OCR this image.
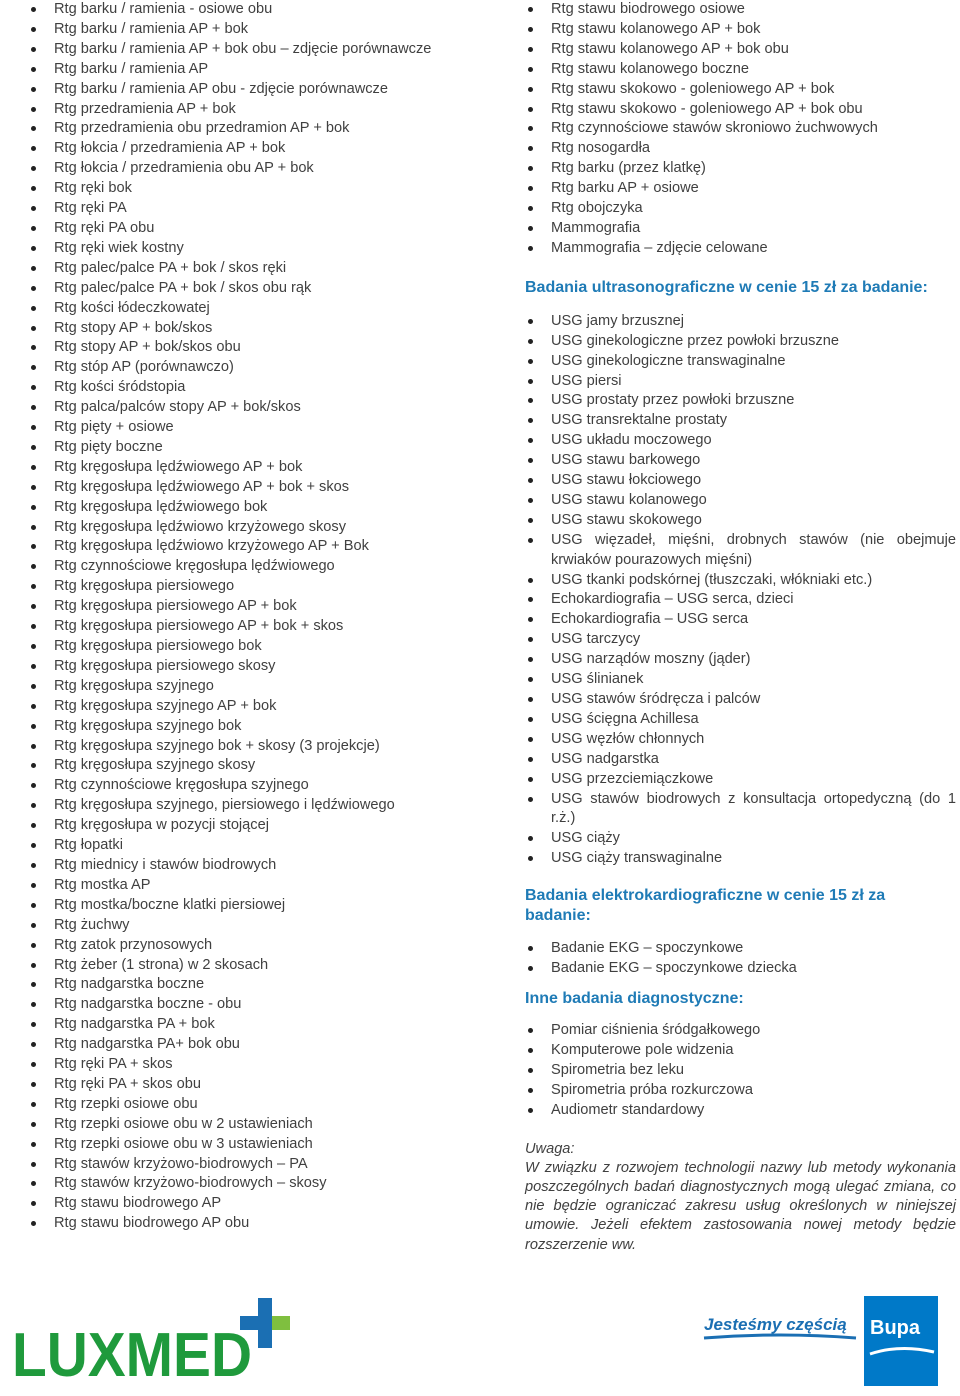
Rtg barku / ramienia - osiowe obu
Rtg barku / ramienia AP + bok
Rtg barku / ramienia AP + bok obu – zdjęcie porównawcze
Rtg barku / ramienia AP
Rtg barku / ramienia AP obu - zdjęcie porównawcze
Rtg przedramienia AP + bok
Rtg przedramienia obu przedramion AP + bok
Rtg łokcia / przedramienia AP + bok
Rtg łokcia / przedramienia obu AP + bok
Rtg ręki bok
Rtg ręki PA
Rtg ręki PA obu
Rtg ręki wiek kostny
Rtg palec/palce PA + bok / skos ręki
Rtg palec/palce PA + bok / skos obu rąk
Rtg kości łódeczkowatej
Rtg stopy AP + bok/skos
Rtg stopy AP + bok/skos obu
Rtg stóp AP (porównawczo)
Rtg kości śródstopia
Rtg palca/palców stopy AP + bok/skos
Rtg pięty + osiowe
Rtg pięty boczne
Rtg kręgosłupa lędźwiowego AP + bok
Rtg kręgosłupa lędźwiowego AP + bok + skos
Rtg kręgosłupa lędźwiowego bok
Rtg kręgosłupa lędźwiowo krzyżowego skosy
Rtg kręgosłupa lędźwiowo krzyżowego AP + Bok
Rtg czynnościowe kręgosłupa lędźwiowego
Rtg kręgosłupa piersiowego
Rtg kręgosłupa piersiowego AP + bok
Rtg kręgosłupa piersiowego AP + bok + skos
Rtg kręgosłupa piersiowego bok
Rtg kręgosłupa piersiowego skosy
Rtg kręgosłupa szyjnego
Rtg kręgosłupa szyjnego AP + bok
Rtg kręgosłupa szyjnego bok
Rtg kręgosłupa szyjnego bok + skosy (3 projekcje)
Rtg kręgosłupa szyjnego skosy
Rtg czynnościowe kręgosłupa szyjnego
Rtg kręgosłupa szyjnego, piersiowego i lędźwiowego
Rtg kręgosłupa w pozycji stojącej
Rtg łopatki
Rtg miednicy i stawów biodrowych
Rtg mostka AP
Rtg mostka/boczne klatki piersiowej
Rtg żuchwy
Rtg zatok przynosowych
Rtg żeber (1 strona) w 2 skosach
Rtg nadgarstka boczne
Rtg nadgarstka boczne - obu
Rtg nadgarstka PA + bok
Rtg nadgarstka PA+ bok obu
Rtg ręki PA + skos
Rtg ręki PA + skos obu
Rtg rzepki osiowe obu
Rtg rzepki osiowe obu w 2 ustawieniach
Rtg rzepki osiowe obu w 3 ustawieniach
Rtg stawów krzyżowo-biodrowych – PA
Rtg stawów krzyżowo-biodrowych – skosy
Rtg stawu biodrowego AP
Rtg stawu biodrowego AP obu
Rtg stawu biodrowego osiowe
Rtg stawu kolanowego AP + bok
Rtg stawu kolanowego AP + bok obu
Rtg stawu kolanowego boczne
Rtg stawu skokowo - goleniowego AP + bok
Rtg stawu skokowo - goleniowego AP + bok obu
Rtg czynnościowe stawów skroniowo żuchwowych
Rtg nosogardła
Rtg barku (przez klatkę)
Rtg barku AP + osiowe
Rtg obojczyka
Mammografia
Mammografia – zdjęcie celowane
Badania ultrasonograficzne w cenie 15 zł za badanie:
USG jamy brzusznej
USG ginekologiczne przez powłoki brzuszne
USG ginekologiczne transwaginalne
USG piersi
USG prostaty przez powłoki brzuszne
USG transrektalne prostaty
USG układu moczowego
USG stawu barkowego
USG stawu łokciowego
USG stawu kolanowego
USG stawu skokowego
USG więzadeł, mięśni, drobnych stawów (nie obejmuje krwiaków pourazowych mięśni)
USG tkanki podskórnej (tłuszczaki, włókniaki etc.)
Echokardiografia – USG serca, dzieci
Echokardiografia – USG serca
USG tarczycy
USG narządów moszny (jąder)
USG ślinianek
USG stawów śródręcza i palców
USG ścięgna Achillesa
USG węzłów chłonnych
USG nadgarstka
USG przezciemiączkowe
USG stawów biodrowych z konsultacja ortopedyczną (do 1 r.ż.)
USG ciąży
USG ciąży transwaginalne
Badania elektrokardiograficzne w cenie 15 zł za badanie:
Badanie EKG – spoczynkowe
Badanie EKG – spoczynkowe dziecka
Inne badania diagnostyczne:
Pomiar ciśnienia śródgałkowego
Komputerowe pole widzenia
Spirometria bez leku
Spirometria próba rozkurczowa
Audiometr standardowy
Uwaga:
W związku z rozwojem technologii nazwy lub metody wykonania poszczególnych badań diagnostycznych mogą ulegać zmiana, co nie będzie ograniczać zakresu usług określonych w niniejszej umowie. Jeżeli efektem zastosowania nowej metody będzie rozszerzenie ww.
LUXMED	Jesteśmy częścią Bupa
